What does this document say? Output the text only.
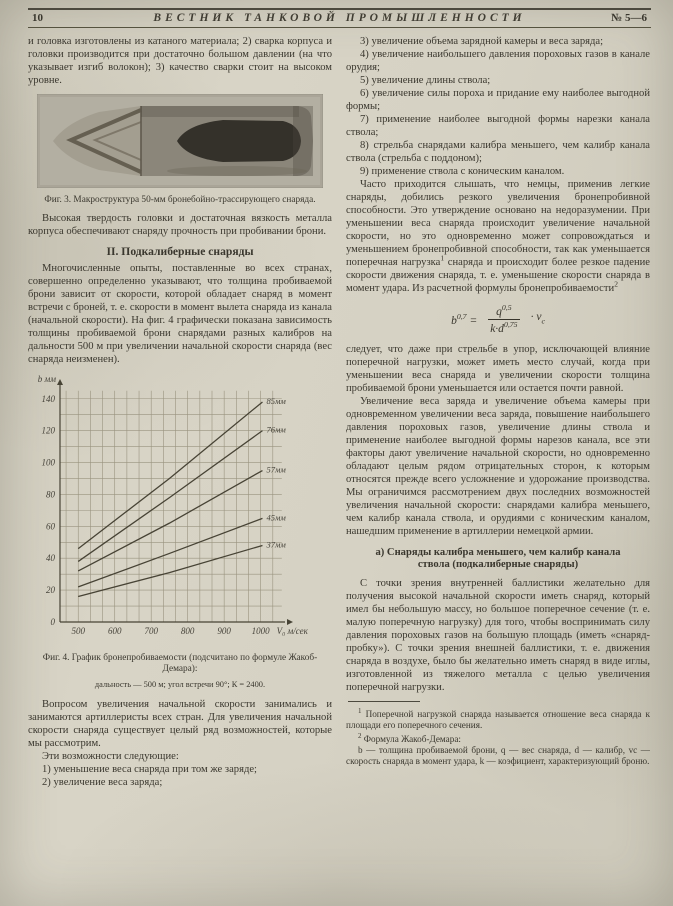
10	ВЕСТНИК ТАНКОВОЙ ПРОМЫШЛЕННОСТИ	№ 5—6

и головка изготовлены из катаного материала; 2) сварка корпуса и головки производится при достаточно большом давлении (на что указывает изгиб волокон); 3) качество сварки стоит на высоком уровне.

Фиг. 3. Макроструктура 50-мм бронебойно-трассирующего снаряда.

Высокая твердость головки и достаточная вязкость металла корпуса обеспечивают снаряду прочность при пробивании брони.

II. Подкалиберные снаряды

Многочисленные опыты, поставленные во всех странах, совершенно определенно указывают, что толщина пробиваемой брони зависит от скорости, которой обладает снаряд в момент встречи с броней, т. е. скорости в момент вылета снаряда из канала (начальной скорости). На фиг. 4 графически показана зависимость толщины пробиваемой брони снарядами разных калибров на дальности 500 м при увеличении начальной скорости снаряда (вес снаряда неизменен).

0
20
40
60
80
100
120
140
500	600	700	800	900 1000
b мм
V₀ м/сек
85мм
76мм
57мм
45мм
37мм
Фиг. 4. График бронепробиваемости (подсчитано по формуле Жакоб-Демара):
дальность — 500 м; угол встречи 90°; К = 2400.

Вопросом увеличения начальной скорости занимались и занимаются артиллеристы всех стран. Для увеличения начальной скорости снаряда существует целый ряд возможностей, которые мы рассмотрим.

Эти возможности следующие:

1) уменьшение веса снаряда при том же заряде;

2) увеличение веса заряда;

3) увеличение объема зарядной камеры и веса заряда;

4) увеличение наибольшего давления пороховых газов в канале орудия;

5) увеличение длины ствола;

6) увеличение силы пороха и придание ему наиболее выгодной формы;

7) применение наиболее выгодной формы нарезки канала ствола;

8) стрельба снарядами калибра меньшего, чем калибр канала ствола (стрельба с поддоном);

9) применение ствола с коническим каналом.

Часто приходится слышать, что немцы, применив легкие снаряды, добились резкого увеличения бронепробивной способности. Это утверждение основано на недоразумении. При уменьшении веса снаряда происходит увеличение начальной скорости, но это одновременно может сопровождаться и уменьшением бронепробивной способности, так как уменьшается поперечная нагрузка$^1$ снаряда и происходит более резкое падение скорости движения снаряда, т. е. уменьшение скорости снаряда в момент удара. Из расчетной формулы бронепробиваемости$^2$

$b^{0,7} = \frac{q^{0,5}}{k\cdot d^{0,75}} \cdot v_c$

следует, что даже при стрельбе в упор, исключающей влияние поперечной нагрузки, может иметь место случай, когда при уменьшении веса снаряда и увеличении скорости толщина пробиваемой брони уменьшается или остается почти равной.

Увеличение веса заряда и увеличение объема камеры при одновременном увеличении веса заряда, повышение наибольшего давления пороховых газов, увеличение длины ствола и применение наиболее выгодной формы нарезов канала, все эти факторы дают увеличение начальной скорости, но одновременно обладают целым рядом отрицательных сторон, к которым относятся прежде всего усложнение и удорожание производства. Мы ограничимся рассмотрением двух последних возможностей увеличения начальной скорости: снарядами калибра меньшего, чем калибр канала ствола, и орудиями с коническим каналом, нашедшим применение в артиллерии немецкой армии.

а) Снаряды калибра меньшего, чем калибр канала ствола (подкалиберные снаряды)

С точки зрения внутренней баллистики желательно для получения высокой начальной скорости иметь снаряд, который имел бы небольшую массу, но большое поперечное сечение (т. е. малую поперечную нагрузку) для того, чтобы воспринимать силу давления пороховых газов на большую площадь (иметь «снаряд-пробку»). С точки зрения внешней баллистики, т. е. движения снаряда в воздухе, было бы желательно иметь снаряд в виде иглы, изготовленной из тяжелого металла с целью увеличения поперечной нагрузки.

$^1$ Поперечной нагрузкой снаряда называется отношение веса снаряда к площади его поперечного сечения.

$^2$ Формула Жакоб-Демара:

b — толщина пробиваемой брони, q — вес снаряда, d — калибр, vc — скорость снаряда в момент удара, k — коэфициент, характеризующий броню.
